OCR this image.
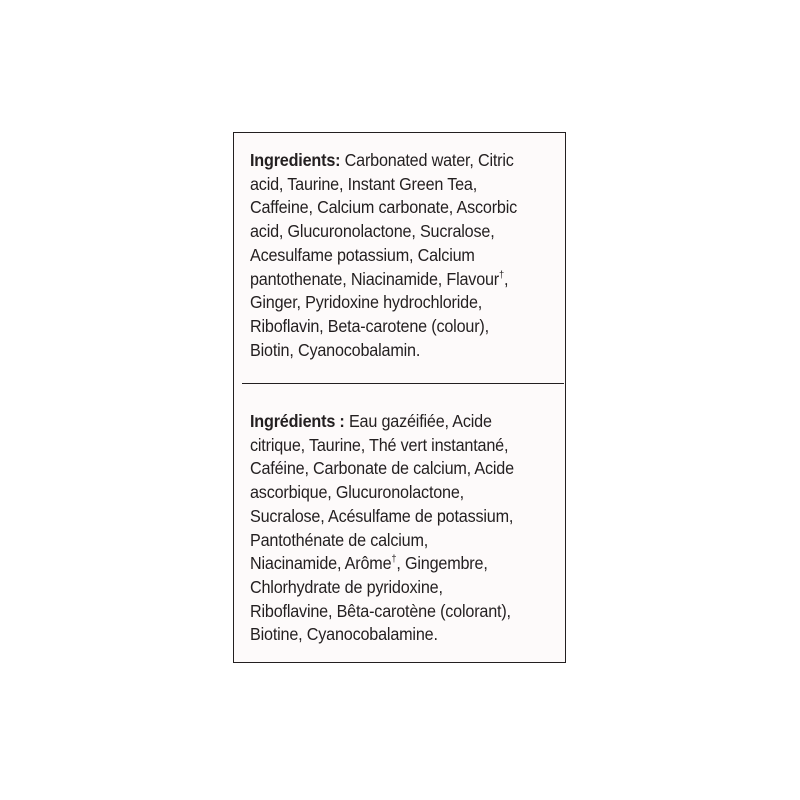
Ingredients: Carbonated water, Citric
acid, Taurine, Instant Green Tea,
Caffeine, Calcium carbonate, Ascorbic
acid, Glucuronolactone, Sucralose,
Acesulfame potassium, Calcium
pantothenate, Niacinamide, Flavour†,
Ginger, Pyridoxine hydrochloride,
Riboflavin, Beta-carotene (colour),
Biotin, Cyanocobalamin.
Ingrédients : Eau gazéifiée, Acide
citrique, Taurine, Thé vert instantané,
Caféine, Carbonate de calcium, Acide
ascorbique, Glucuronolactone,
Sucralose, Acésulfame de potassium,
Pantothénate de calcium,
Niacinamide, Arôme†, Gingembre,
Chlorhydrate de pyridoxine,
Riboflavine, Bêta-carotène (colorant),
Biotine, Cyanocobalamine.
